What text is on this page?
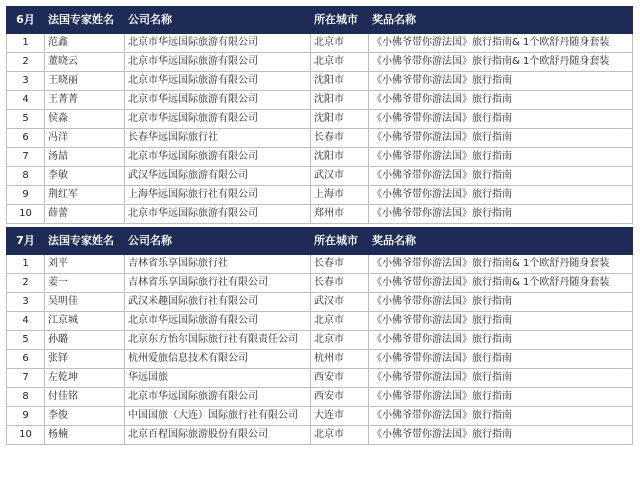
6月	法国专家姓名	公司名称	所在城市	奖品名称
1	范鑫	北京市华远国际旅游有限公司	北京市	《小佛爷带你游法国》旅行指南& 1个欧舒丹随身套装
2	董晓云	北京市华远国际旅游有限公司	北京市	《小佛爷带你游法国》旅行指南& 1个欧舒丹随身套装
3	王晓丽	北京市华远国际旅游有限公司	沈阳市	《小佛爷带你游法国》旅行指南
4	王菁菁	北京市华远国际旅游有限公司	沈阳市	《小佛爷带你游法国》旅行指南
5	侯淼	北京市华远国际旅游有限公司	沈阳市	《小佛爷带你游法国》旅行指南
6	冯洋	长春华远国际旅行社	长春市	《小佛爷带你游法国》旅行指南
7	汤喆	北京市华远国际旅游有限公司	沈阳市	《小佛爷带你游法国》旅行指南
8	李敏	武汉华远国际旅游有限公司	武汉市	《小佛爷带你游法国》旅行指南
9	荆红军	上海华远国际旅行社有限公司	上海市	《小佛爷带你游法国》旅行指南
10	薛蕾	北京市华远国际旅游有限公司	郑州市	《小佛爷带你游法国》旅行指南

7月	法国专家姓名	公司名称	所在城市	奖品名称
1	刘平	吉林省乐享国际旅行社	长春市	《小佛爷带你游法国》旅行指南& 1个欧舒丹随身套装
2	姜一	吉林省乐享国际旅行社有限公司	长春市	《小佛爷带你游法国》旅行指南& 1个欧舒丹随身套装
3	吴明佳	武汉米趣国际旅行社有限公司	武汉市	《小佛爷带你游法国》旅行指南
4	江京城	北京市华远国际旅游有限公司	北京市	《小佛爷带你游法国》旅行指南
5	孙璐	北京东方怡尔国际旅行社有限责任公司	北京市	《小佛爷带你游法国》旅行指南
6	张铎	杭州爱旅信息技术有限公司	杭州市	《小佛爷带你游法国》旅行指南
7	左乾坤	华远国旅	西安市	《小佛爷带你游法国》旅行指南
8	付佳铭	北京市华远国际旅游有限公司	西安市	《小佛爷带你游法国》旅行指南
9	李俊	中国国旅（大连）国际旅行社有限公司	大连市	《小佛爷带你游法国》旅行指南
10	杨楠	北京百程国际旅游股份有限公司	北京市	《小佛爷带你游法国》旅行指南
